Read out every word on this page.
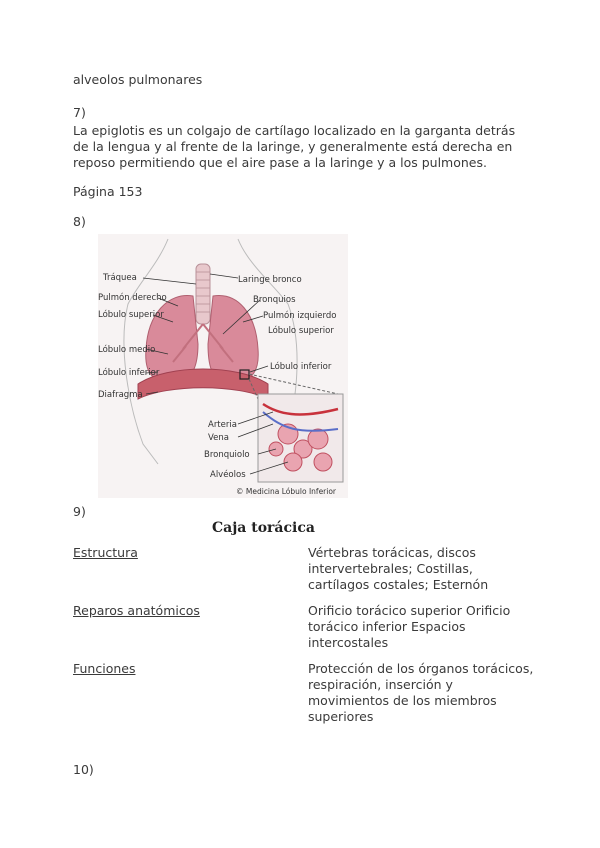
alveolos pulmonares
7)
La epiglotis es un colgajo de cartílago localizado en la garganta detrás de la lengua y al frente de la laringe, y generalmente está derecha en reposo permitiendo que el aire pase a la laringe y a los pulmones.
Página 153
8)
Tráquea	Laringe bronco
Pulmón derecho	Bronquios
Lóbulo superior	Pulmón izquierdo
Lóbulo superior
Lóbulo medio
Lóbulo inferior
Lóbulo inferior
Diafragma
Arteria
Vena
Bronquiolo
Alvéolos
© Medicina Lóbulo Inferior
9)
Caja torácica
Estructura	Vértebras torácicas, discos intervertebrales; Costillas, cartílagos costales; Esternón
Reparos anatómicos	Orificio torácico superior Orificio torácico inferior Espacios intercostales
Funciones	Protección de los órganos torácicos, respiración, inserción y movimientos de los miembros superiores
10)
